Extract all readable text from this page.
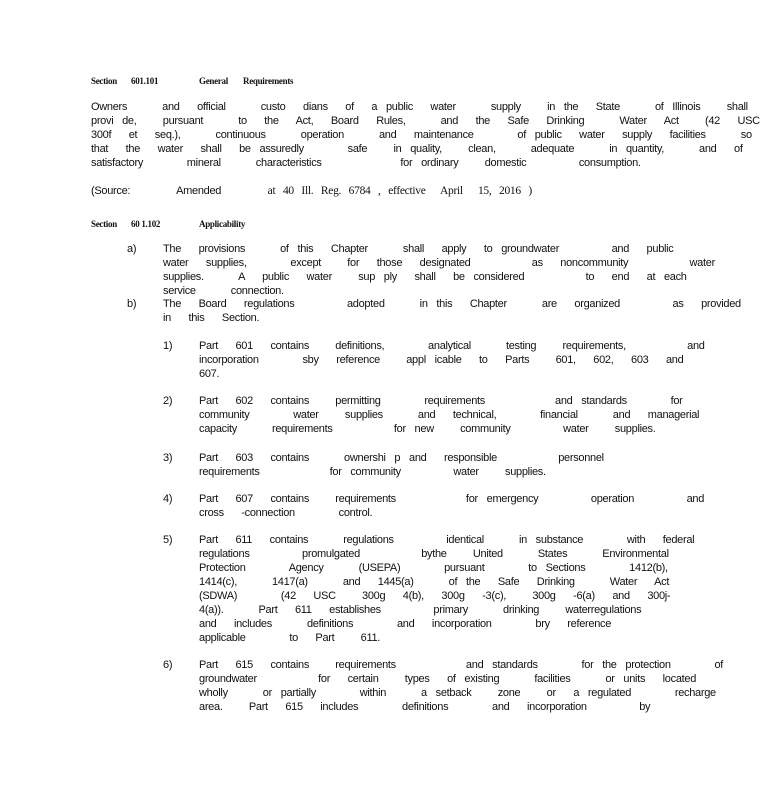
Section 601.101	General Requirements
Owners    and  official    custo  dians  of  a public  water    supply   in the  State    of Illinois   shall
provi de,   pursuant    to  the  Act,  Board  Rules,    and  the  Safe  Drinking    Water  Act   (42  USC
300f  et  seq.),    continuous    operation    and  maintenance     of public  water  supply  facilities    so
that  the  water  shall  be assuredly     safe   in quality,   clean,    adequate    in quantity,    and  of
satisfactory     mineral    characteristics         for ordinary   domestic      consumption.
(Source:	Amended	at 40 Ill. Reg. 6784 , effective  April  15, 2016 )
Section 60 1.102	Applicability
a) The  provisions    of this  Chapter    shall  apply  to groundwater      and  public
water  supplies,     except   for  those  designated       as  noncommunity       water
supplies.    A  public  water   sup ply  shall  be considered       to  end  at each
service    connection.
b) The  Board  regulations      adopted    in this  Chapter    are  organized      as  provided
in  this  Section.
1) Part  601  contains   definitions,     analytical    testing   requirements,       and
incorporation     sby  reference   appl icable  to  Parts   601,  602,  603  and
607.
2) Part  602  contains   permitting     requirements        and standards     for
community     water   supplies    and  technical,     financial    and  managerial
capacity    requirements       for new   community      water   supplies.
3) Part  603  contains    ownershi p and  responsible       personnel
requirements        for community      water   supplies.
4) Part  607  contains   requirements        for emergency      operation      and
cross  -connection     control.
5) Part  611  contains    regulations      identical    in substance     with  federal
regulations      promulgated       bythe   United    States    Environmental
Protection     Agency    (USEPA)     pursuant     to Sections     1412(b),
1414(c),    1417(a)    and  1445(a)    of the  Safe  Drinking    Water  Act
(SDWA)     (42  USC   300g  4(b),  300g  -3(c),   300g  -6(a)  and  300j-
4(a)).    Part  611  establishes      primary    drinking   waterregulations
and  includes    definitions     and  incorporation     bry  reference
applicable     to  Part   611.
6) Part  615  contains   requirements        and standards     for the protection     of
groundwater       for  certain   types  of existing    facilities    or units  located
wholly    or partially     within    a setback   zone   or  a regulated     recharge
area.   Part  615  includes     definitions     and  incorporation      by
